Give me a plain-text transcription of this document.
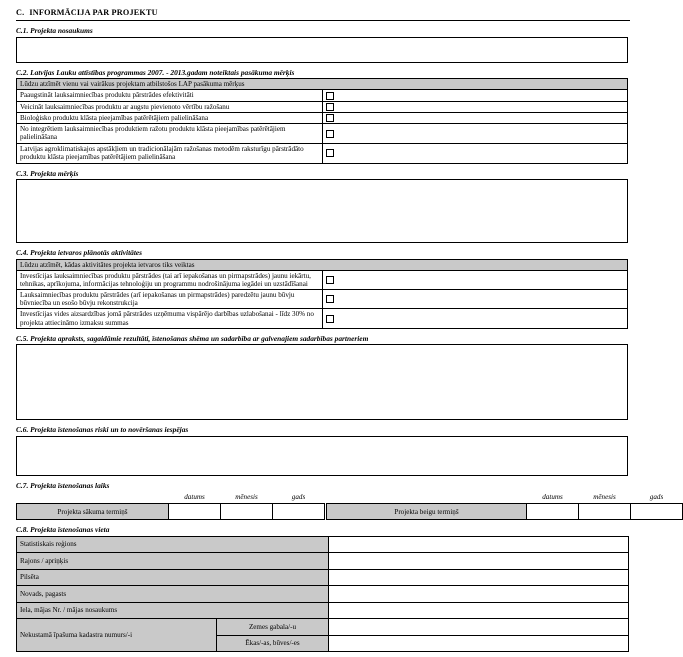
C. INFORMĀCIJA PAR PROJEKTU
C.1. Projekta nosaukums
C.2. Latvijas Lauku attīstības programmas 2007. - 2013.gadam noteiktais pasākuma mērķis
Lūdzu atzīmēt vienu vai vairākus projektam atbilstošos LAP pasākuma mērķus	
Paaugstināt lauksaimniecības produktu pārstrādes efektivitāti	
Veicināt lauksaimniecības produktu ar augstu pievienoto vērtību ražošanu	
Bioloģisko produktu klāsta pieejamības patērētājiem palielināšana	
No integrētiem lauksaimniecības produktiem ražotu produktu klāsta pieejamības patērētājiem palielināšana	
Latvijas agroklimatiskajos apstākļiem un tradicionālajām ražošanas metodēm raksturīgu pārstrādāto produktu klāsta pieejamības patērētājiem palielināšana	
C.3. Projekta mērķis
C.4. Projekta ietvaros plānotās aktivitātes
Lūdzu atzīmēt, kādas aktivitātes projekta ietvaros tiks veiktas	
Investīcijas lauksaimniecības produktu pārstrādes (tai arī iepakošanas un pirmapstrādes) jaunu iekārtu, tehnikas, aprīkojuma, informācijas tehnoloģiju un programmu nodrošinājuma iegādei un uzstādīšanai	
Lauksaimniecības produktu pārstrādes (arī iepakošanas un pirmapstrādes) paredzētu jaunu būvju būvniecība un esošo būvju rekonstrukcija	
Investīcijas vides aizsardzības jomā pārstrādes uzņēmuma vispārējo darbības uzlabošanai - līdz 30% no projekta attiecināmo izmaksu summas	
C.5. Projekta apraksts, sagaidāmie rezultāti, īstenošanas shēma un sadarbība ar galvenajiem sadarbības partneriem
C.6. Projekta īstenošanas riski un to novēršanas iespējas
C.7. Projekta īstenošanas laiks
	datums	mēnesis	gads			datums	mēnesis	gads
Projekta sākuma termiņš					Projekta beigu termiņš			
C.8. Projekta īstenošanas vieta
Statistiskais reģions		
Rajons / apriņķis		
Pilsēta		
Novads, pagasts		
Iela, mājas Nr. / mājas nosaukums		
Nekustamā īpašuma kadastra numurs/-i	Zemes gabala/-u	
	Ēkas/-as, būves/-es	
